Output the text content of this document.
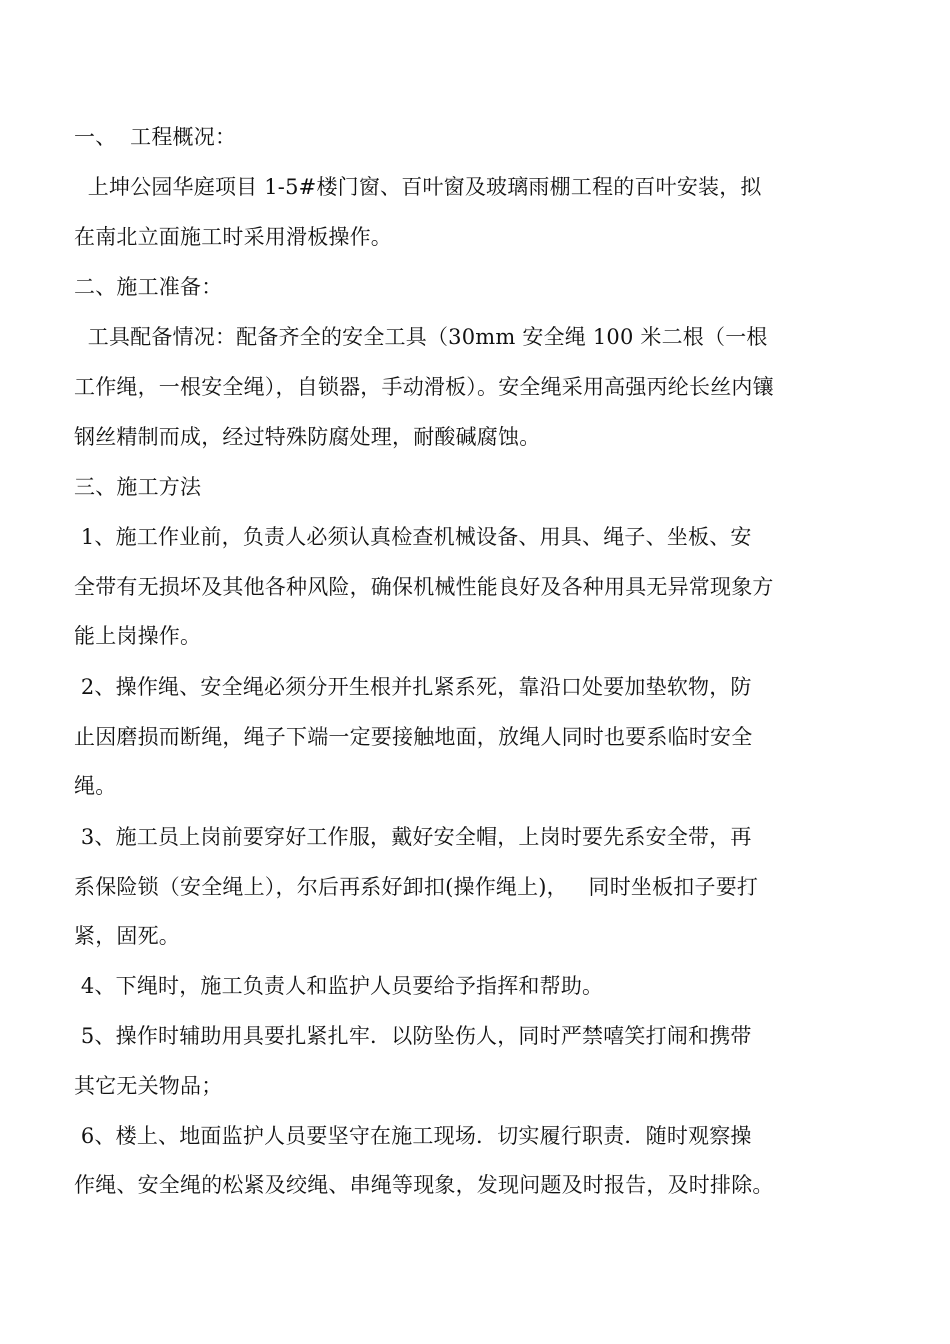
一、  工程概况：
上坤公园华庭项目 1-5#楼门窗、百叶窗及玻璃雨棚工程的百叶安装，拟
在南北立面施工时采用滑板操作。
二、施工准备：
工具配备情况：配备齐全的安全工具（30mm 安全绳 100 米二根（一根
工作绳，一根安全绳），自锁器，手动滑板）。安全绳采用高强丙纶长丝内镶
钢丝精制而成，经过特殊防腐处理，耐酸碱腐蚀。
三、施工方法
1、施工作业前，负责人必须认真检查机械设备、用具、绳子、坐板、安
全带有无损坏及其他各种风险，确保机械性能良好及各种用具无异常现象方
能上岗操作。
2、操作绳、安全绳必须分开生根并扎紧系死，靠沿口处要加垫软物，防
止因磨损而断绳，绳子下端一定要接触地面，放绳人同时也要系临时安全
绳。
3、施工员上岗前要穿好工作服，戴好安全帽，上岗时要先系安全带，再
系保险锁（安全绳上），尔后再系好卸扣(操作绳上)，   同时坐板扣子要打
紧，固死。
4、下绳时，施工负责人和监护人员要给予指挥和帮助。
5、操作时辅助用具要扎紧扎牢．以防坠伤人，同时严禁嘻笑打闹和携带
其它无关物品；
6、楼上、地面监护人员要坚守在施工现场．切实履行职责．随时观察操
作绳、安全绳的松紧及绞绳、串绳等现象，发现问题及时报告，及时排除。
